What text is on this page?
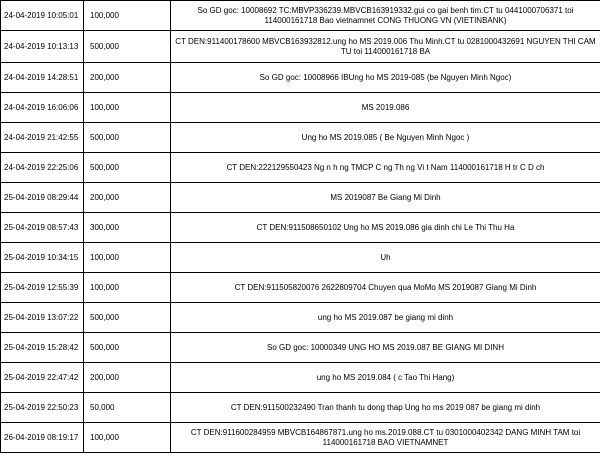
24-04-2019 10:05:01	100,000	So GD goc: 10008692 TC:MBVP336239.MBVCB163919332.gui co gai benh tim.CT tu 0441000706371 toi 114000161718 Bao vietnamnet CONG THUONG VN (VIETINBANK)
24-04-2019 10:13:13	500,000	CT DEN:911400178600 MBVCB163932812.ung ho MS 2019.006 Thu Minh.CT tu 0281000432691 NGUYEN THI CAM TU toi 114000161718 BA
24-04-2019 14:28:51	200,000	So GD goc: 10008966 IBUng ho MS 2019-085 (be Nguyen Minh Ngoc)
24-04-2019 16:06:06	100,000	MS 2019.086
24-04-2019 21:42:55	500,000	Ung ho MS 2019.085 ( Be Nguyen Minh Ngoc )
24-04-2019 22:25:06	500,000	CT DEN:222129550423 Ng n h ng TMCP C ng Th ng Vi t Nam 114000161718 H tr C D ch
25-04-2019 08:29:44	200,000	MS 2019087 Be Giang Mi Dinh
25-04-2019 08:57:43	300,000	CT DEN:911508650102 Ung ho MS 2019.086 gia dinh chi Le Thi Thu Ha
25-04-2019 10:34:15	100,000	Uh
25-04-2019 12:55:39	100,000	CT DEN:911505820076 2622809704 Chuyen qua MoMo MS 2019087 Giang Mi Dinh
25-04-2019 13:07:22	500,000	ung ho MS 2019.087 be giang mi dinh
25-04-2019 15:28:42	500,000	So GD goc: 10000349 UNG HO MS 2019.087 BE GIANG MI DINH
25-04-2019 22:47:42	200,000	ung ho MS 2019.084 ( c Tao Thi Hang)
25-04-2019 22:50:23	50,000	CT DEN:911500232490 Tran thanh tu dong thap Ung ho ms 2019 087 be giang mi dinh
26-04-2019 08:19:17	100,000	CT DEN:911600284959 MBVCB164867871.ung ho ms.2019.088.CT tu 0301000402342 DANG MINH TAM toi 114000161718 BAO VIETNAMNET
